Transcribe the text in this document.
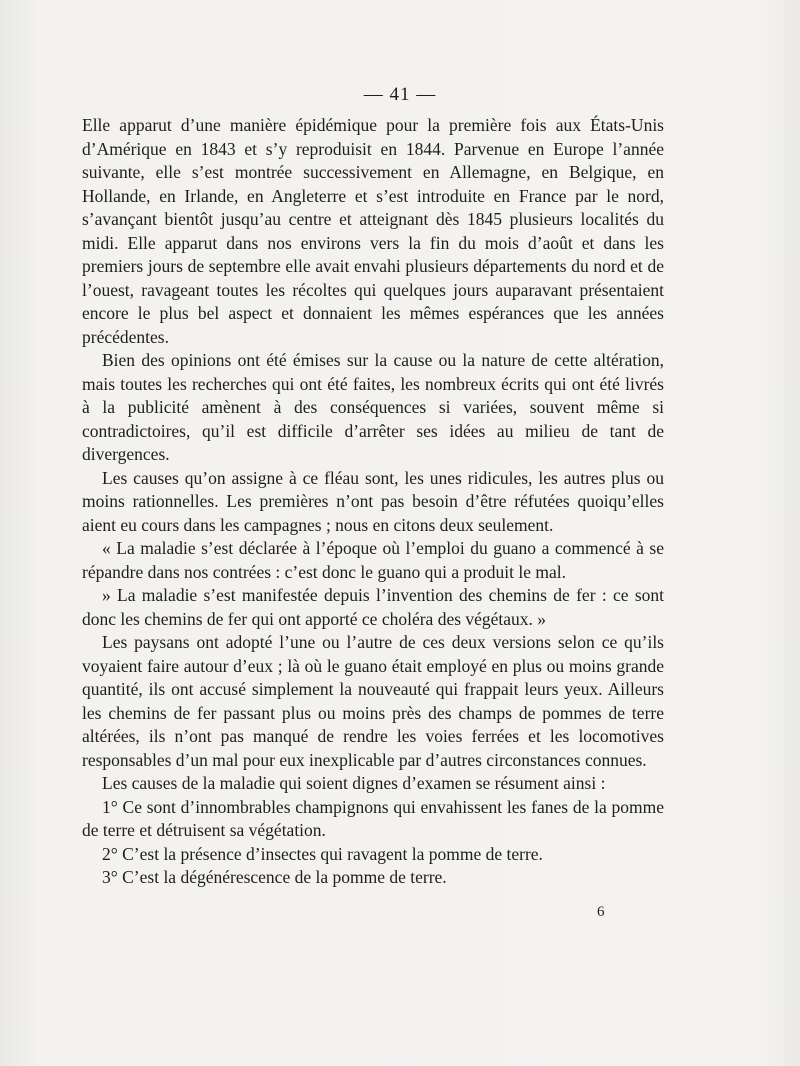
— 41 —

Elle apparut d’une manière épidémique pour la première fois aux États-Unis d’Amérique en 1843 et s’y reproduisit en 1844. Parvenue en Europe l’année suivante, elle s’est montrée successivement en Allemagne, en Belgique, en Hollande, en Irlande, en Angleterre et s’est introduite en France par le nord, s’avançant bientôt jusqu’au centre et atteignant dès 1845 plusieurs localités du midi. Elle apparut dans nos environs vers la fin du mois d’août et dans les premiers jours de septembre elle avait envahi plusieurs départements du nord et de l’ouest, ravageant toutes les récoltes qui quelques jours auparavant présentaient encore le plus bel aspect et donnaient les mêmes espérances que les années précédentes.

Bien des opinions ont été émises sur la cause ou la nature de cette altération, mais toutes les recherches qui ont été faites, les nombreux écrits qui ont été livrés à la publicité amènent à des conséquences si variées, souvent même si contradictoires, qu’il est difficile d’arrêter ses idées au milieu de tant de divergences.

Les causes qu’on assigne à ce fléau sont, les unes ridicules, les autres plus ou moins rationnelles. Les premières n’ont pas besoin d’être réfutées quoiqu’elles aient eu cours dans les campagnes ; nous en citons deux seulement.

« La maladie s’est déclarée à l’époque où l’emploi du guano a commencé à se répandre dans nos contrées : c’est donc le guano qui a produit le mal.

» La maladie s’est manifestée depuis l’invention des chemins de fer : ce sont donc les chemins de fer qui ont apporté ce choléra des végétaux. »

Les paysans ont adopté l’une ou l’autre de ces deux versions selon ce qu’ils voyaient faire autour d’eux ; là où le guano était employé en plus ou moins grande quantité, ils ont accusé simplement la nouveauté qui frappait leurs yeux. Ailleurs les chemins de fer passant plus ou moins près des champs de pommes de terre altérées, ils n’ont pas manqué de rendre les voies ferrées et les locomotives responsables d’un mal pour eux inexplicable par d’autres circonstances connues.

Les causes de la maladie qui soient dignes d’examen se résument ainsi :

1° Ce sont d’innombrables champignons qui envahissent les fanes de la pomme de terre et détruisent sa végétation.

2° C’est la présence d’insectes qui ravagent la pomme de terre.

3° C’est la dégénérescence de la pomme de terre.

6
